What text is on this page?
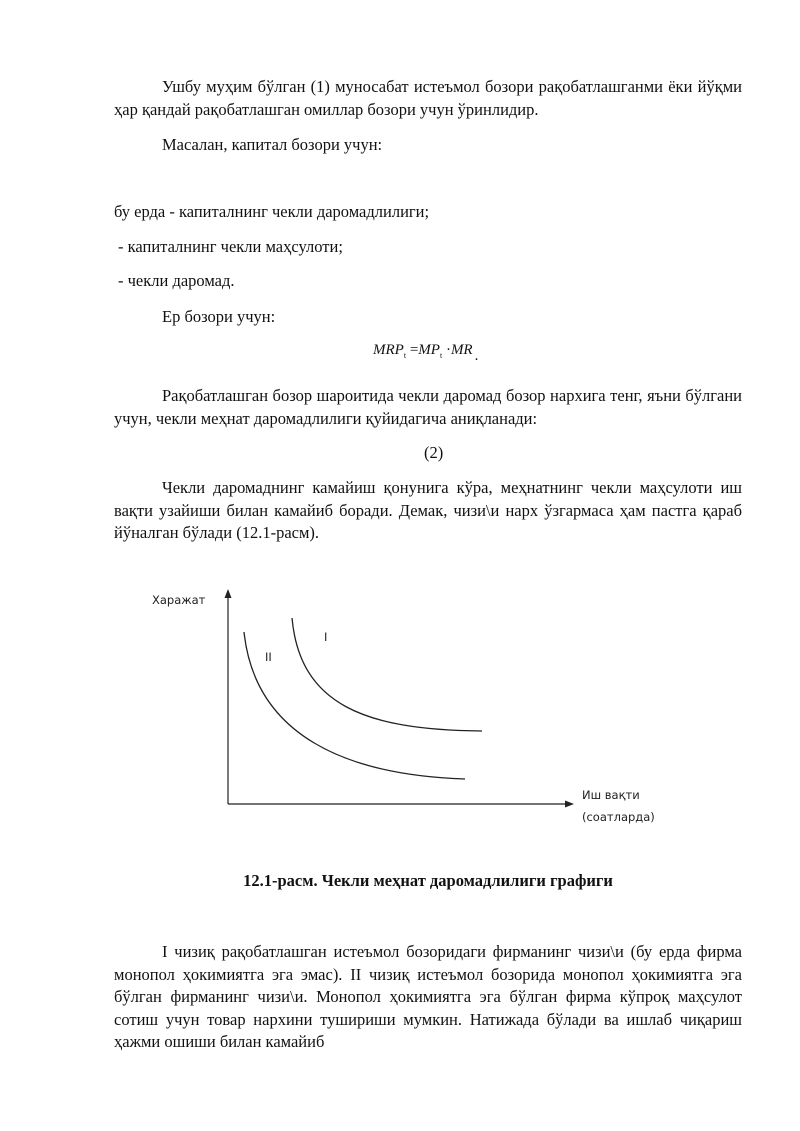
Ушбу муҳим бўлган (1) муносабат истеъмол бозори рақобатлашганми ёки йўқми ҳар қандай рақобатлашган омиллар бозори учун ўринлидир.
Масалан, капитал бозори учун:
бу ерда - капиталнинг чекли даромадлилиги;
- капиталнинг чекли маҳсулоти;
- чекли даромад.
Ер бозори учун:
$MRP_t =MP_t \cdot MR$ .
Рақобатлашган бозор шароитида чекли даромад бозор нархига тенг, яъни бўлгани учун, чекли меҳнат даромадлилиги қуйидагича аниқланади:
(2)
Чекли даромаднинг камайиш қонунига кўра, меҳнатнинг чекли маҳсулоти иш вақти узайиши билан камайиб боради. Демак, чизи\и нарх ўзгармаса ҳам пастга қараб йўналган бўлади (12.1-расм).
Харажат
I
II
Иш вақти
(соатларда)
12.1-расм. Чекли меҳнат даромадлилиги графиги
I чизиқ рақобатлашган истеъмол бозоридаги фирманинг чизи\и (бу ерда фирма монопол ҳокимиятга эга эмас). II чизиқ истеъмол бозорида монопол ҳокимиятга эга бўлган фирманинг чизи\и. Монопол ҳокимиятга эга бўлган фирма кўпроқ маҳсулот сотиш учун товар нархини тушириши мумкин. Натижада бўлади ва ишлаб чиқариш ҳажми ошиши билан камайиб
